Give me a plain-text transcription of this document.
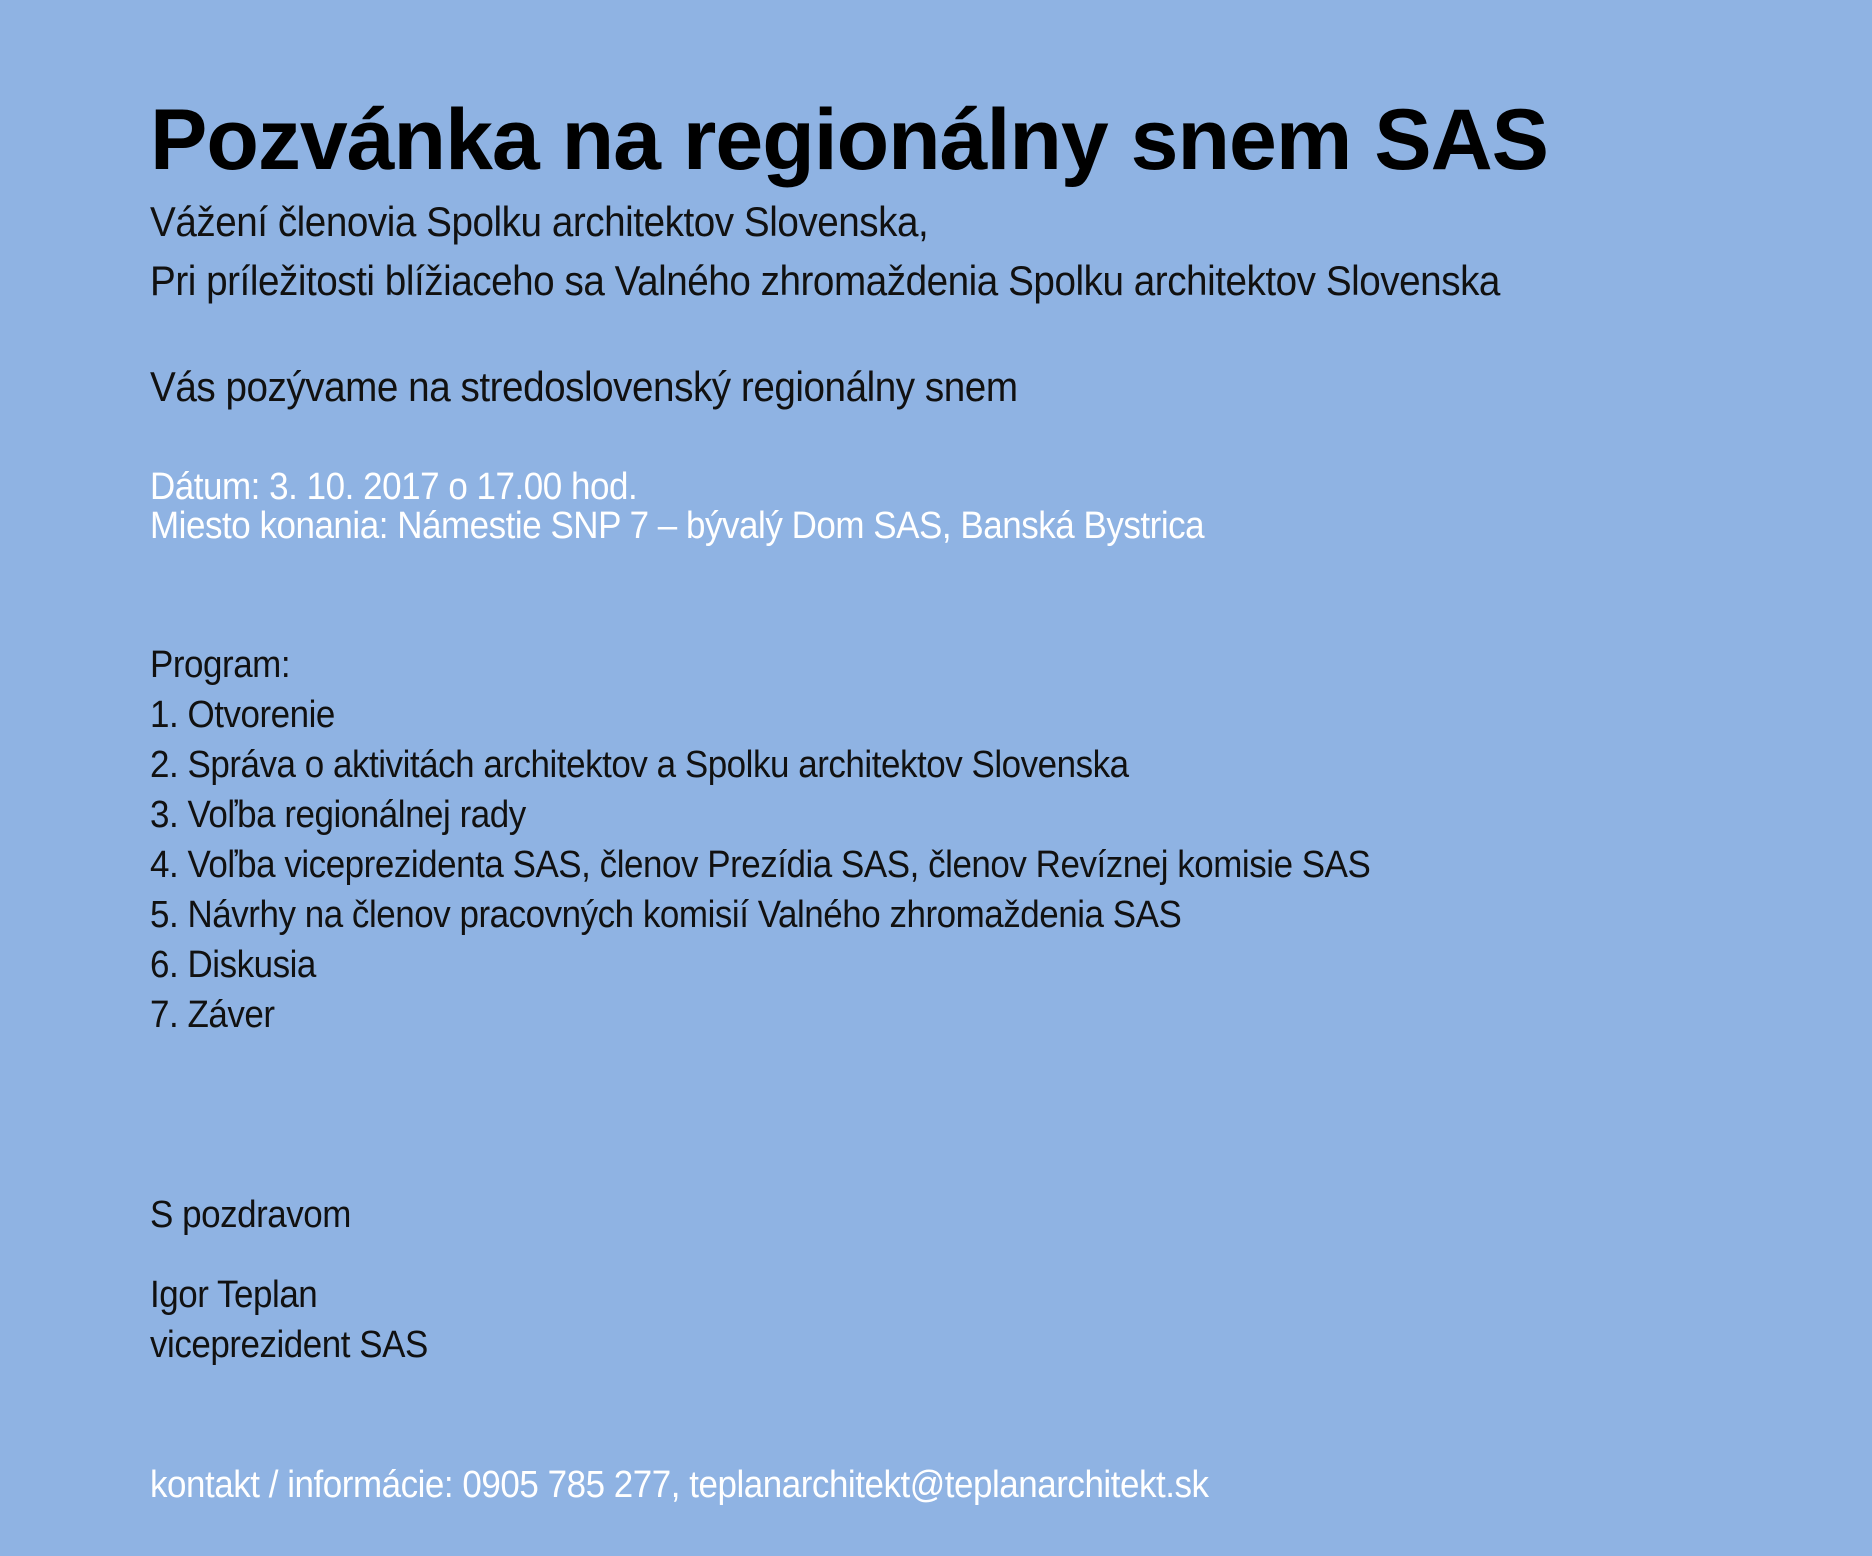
Pozvánka na regionálny snem SAS
Vážení členovia Spolku architektov Slovenska,
Pri príležitosti blížiaceho sa Valného zhromaždenia Spolku architektov Slovenska
Vás pozývame na stredoslovenský regionálny snem
Dátum: 3. 10. 2017 o 17.00 hod.
Miesto konania: Námestie SNP 7 – bývalý Dom SAS, Banská Bystrica
Program:
1. Otvorenie
2. Správa o aktivitách architektov a Spolku architektov Slovenska
3. Voľba regionálnej rady
4. Voľba viceprezidenta SAS, členov Prezídia SAS, členov Revíznej komisie SAS
5. Návrhy na členov pracovných komisií Valného zhromaždenia SAS
6. Diskusia
7. Záver
S pozdravom
Igor Teplan
viceprezident SAS
kontakt / informácie: 0905 785 277, teplanarchitekt@teplanarchitekt.sk
